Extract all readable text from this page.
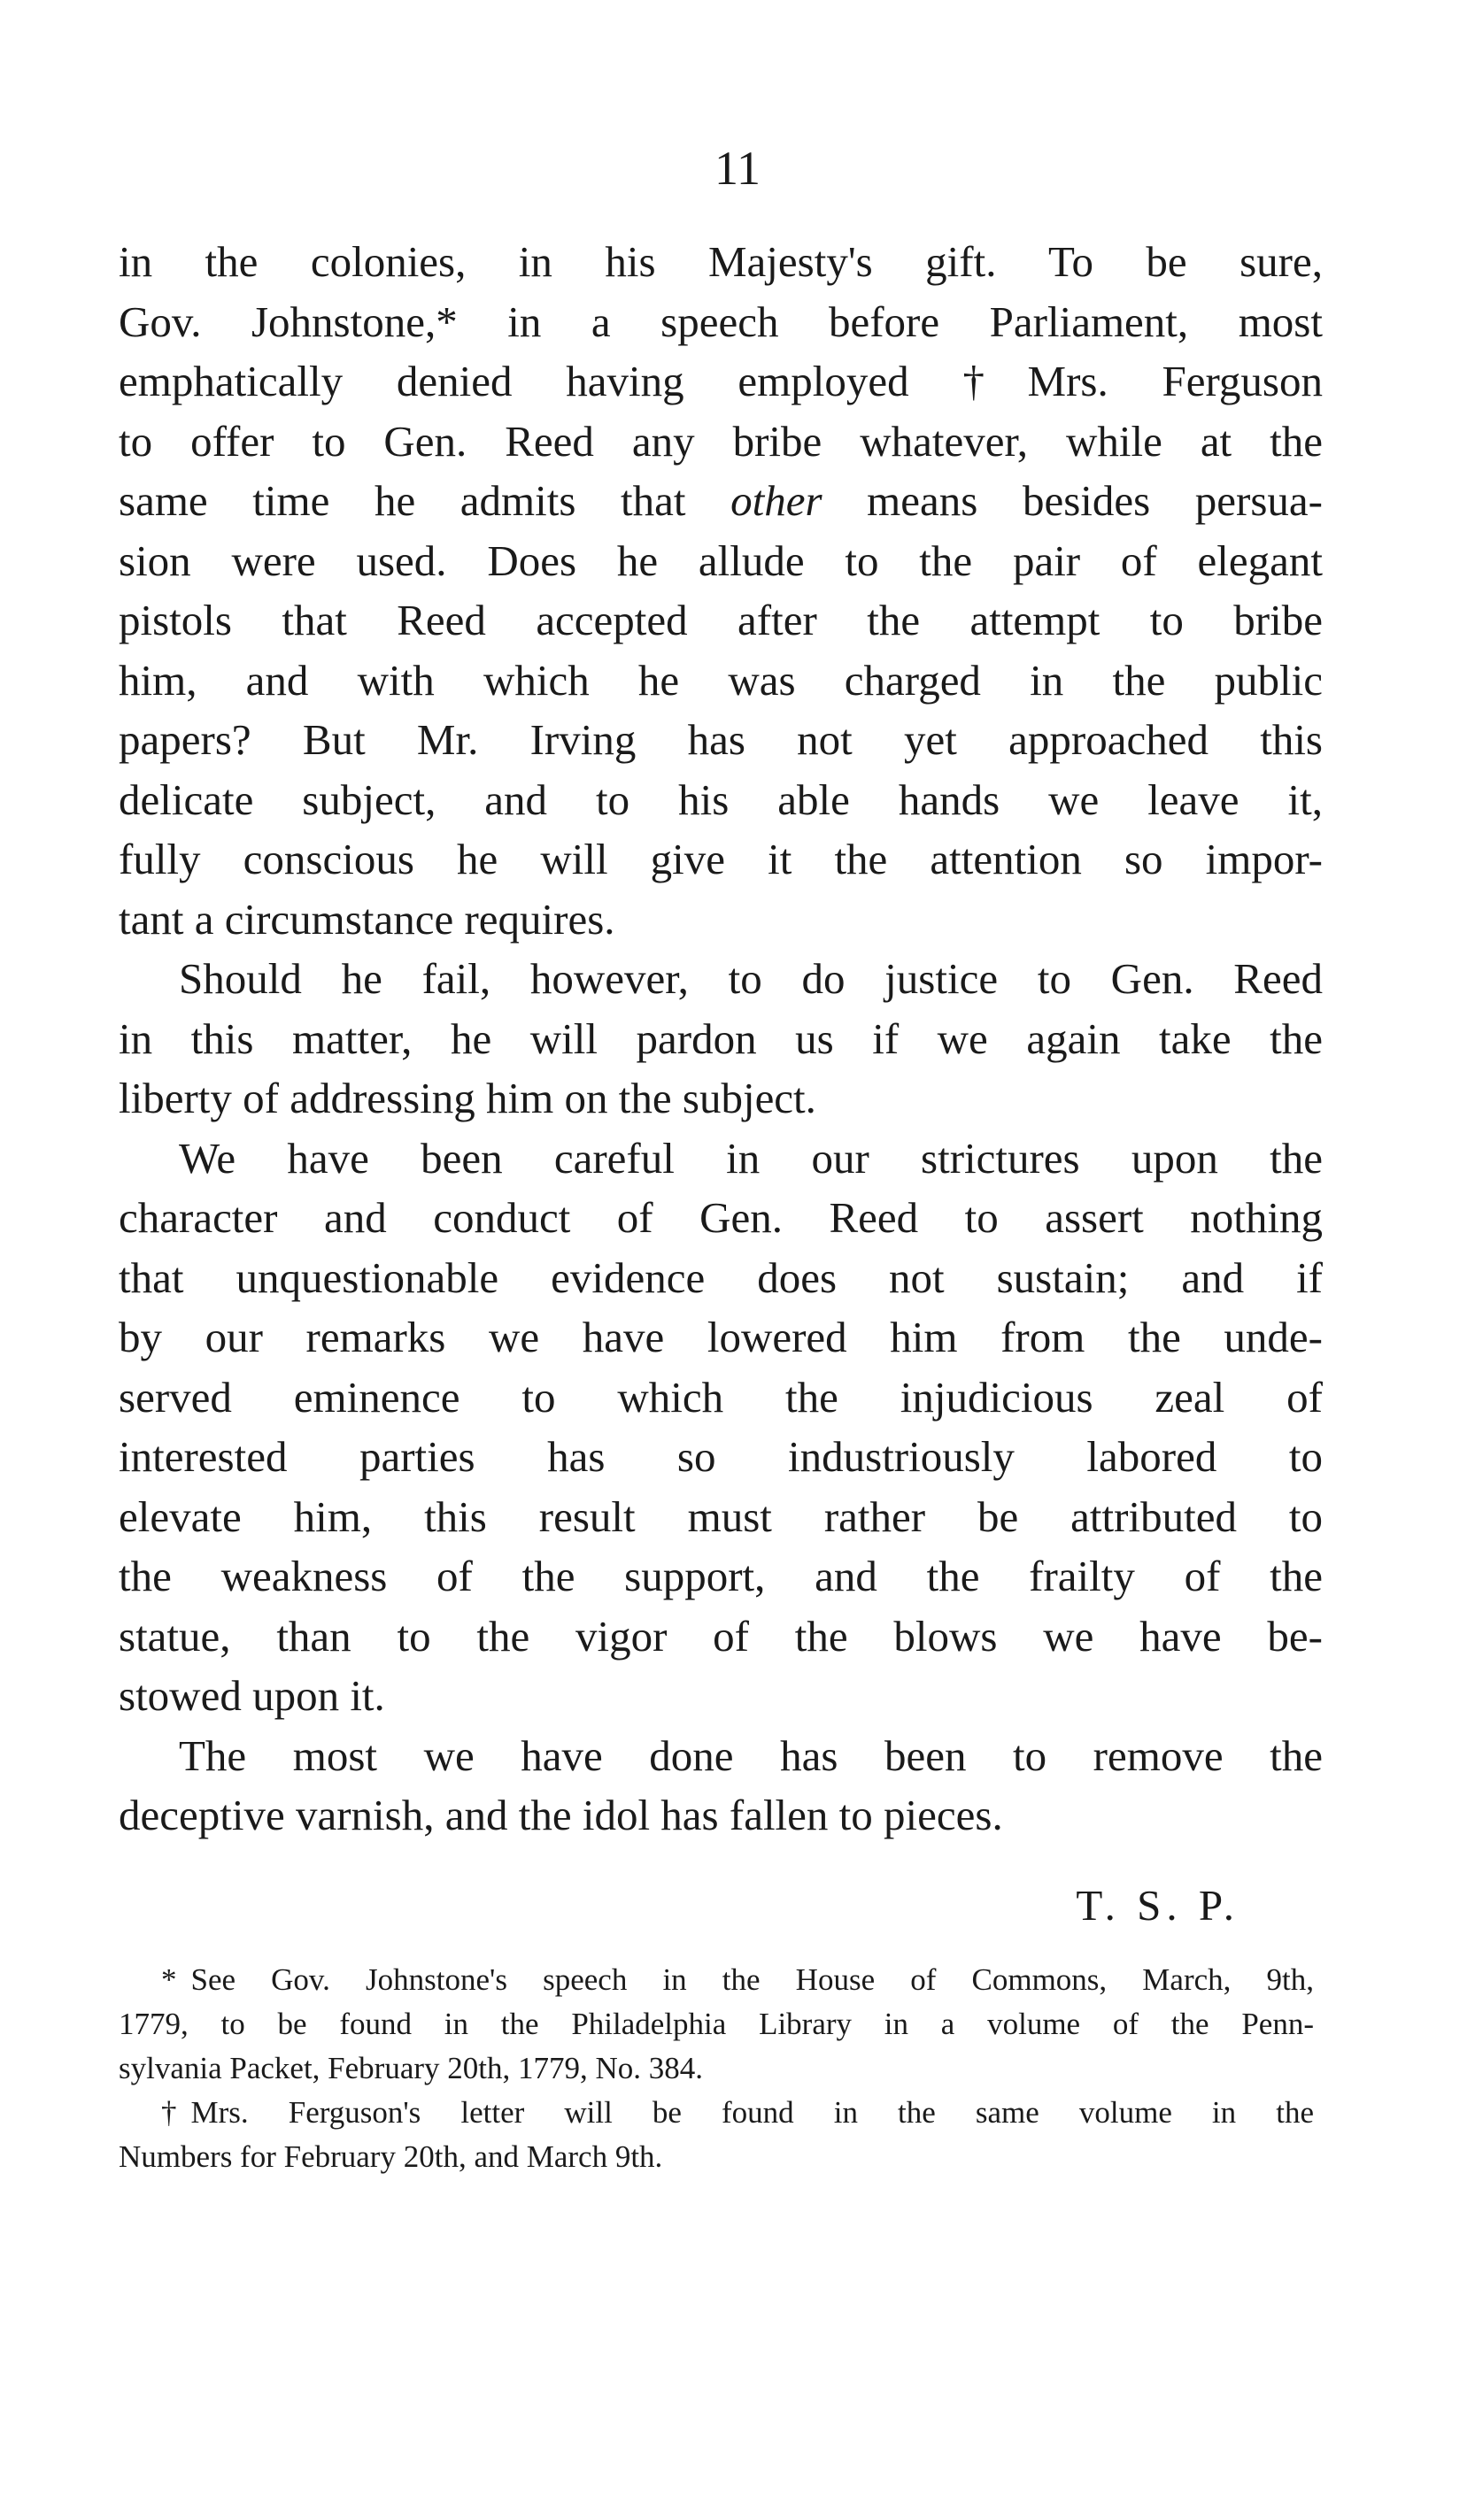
11
in the colonies, in his Majesty's gift. To be sure,
Gov. Johnstone,* in a speech before Parliament, most
emphatically denied having employed †Mrs. Ferguson
to offer to Gen. Reed any bribe whatever, while at the
same time he admits that other means besides persua-
sion were used. Does he allude to the pair of elegant
pistols that Reed accepted after the attempt to bribe
him, and with which he was charged in the public
papers? But Mr. Irving has not yet approached this
delicate subject, and to his able hands we leave it,
fully conscious he will give it the attention so impor-
tant a circumstance requires.
Should he fail, however, to do justice to Gen. Reed
in this matter, he will pardon us if we again take the
liberty of addressing him on the subject.
We have been careful in our strictures upon the
character and conduct of Gen. Reed to assert nothing
that unquestionable evidence does not sustain; and if
by our remarks we have lowered him from the unde-
served eminence to which the injudicious zeal of
interested parties has so industriously labored to
elevate him, this result must rather be attributed to
the weakness of the support, and the frailty of the
statue, than to the vigor of the blows we have be-
stowed upon it.
The most we have done has been to remove the
deceptive varnish, and the idol has fallen to pieces.
T. S. P.
* See Gov. Johnstone's speech in the House of Commons, March, 9th,
1779, to be found in the Philadelphia Library in a volume of the Penn-
sylvania Packet, February 20th, 1779, No. 384.
† Mrs. Ferguson's letter will be found in the same volume in the
Numbers for February 20th, and March 9th.
